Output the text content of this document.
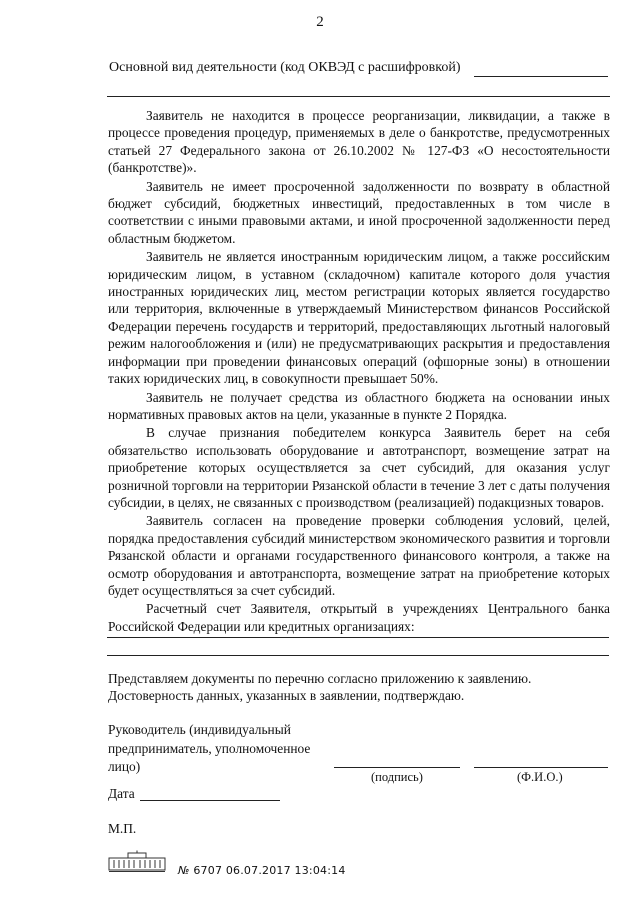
2
Основной вид деятельности (код ОКВЭД с расшифровкой)

Заявитель не находится в процессе реорганизации, ликвидации, а также в процессе проведения процедур, применяемых в деле о банкротстве, предусмотренных статьей 27 Федерального закона от 26.10.2002 № 127-ФЗ «О несостоятельности (банкротстве)».

Заявитель не имеет просроченной задолженности по возврату в областной бюджет субсидий, бюджетных инвестиций, предоставленных в том числе в соответствии с иными правовыми актами, и иной просроченной задолженности перед областным бюджетом.

Заявитель не является иностранным юридическим лицом, а также российским юридическим лицом, в уставном (складочном) капитале которого доля участия иностранных юридических лиц, местом регистрации которых является государство или территория, включенные в утверждаемый Министерством финансов Российской Федерации перечень государств и территорий, предоставляющих льготный налоговый режим налогообложения и (или) не предусматривающих раскрытия и предоставления информации при проведении финансовых операций (офшорные зоны) в отношении таких юридических лиц, в совокупности превышает 50%.

Заявитель не получает средства из областного бюджета на основании иных нормативных правовых актов на цели, указанные в пункте 2 Порядка.

В случае признания победителем конкурса Заявитель берет на себя обязательство использовать оборудование и автотранспорт, возмещение затрат на приобретение которых осуществляется за счет субсидий, для оказания услуг розничной торговли на территории Рязанской области в течение 3 лет с даты получения субсидии, в целях, не связанных с производством (реализацией) подакцизных товаров.

Заявитель согласен на проведение проверки соблюдения условий, целей, порядка предоставления субсидий министерством экономического развития и торговли Рязанской области и органами государственного финансового контроля, а также на осмотр оборудования и автотранспорта, возмещение затрат на приобретение которых будет осуществляться за счет субсидий.

Расчетный счет Заявителя, открытый в учреждениях Центрального банка Российской Федерации или кредитных организациях:

Представляем документы по перечню согласно приложению к заявлению.
Достоверность данных, указанных в заявлении, подтверждаю.
Руководитель (индивидуальный предприниматель, уполномоченное лицо)
(подпись)	(Ф.И.О.)
Дата
М.П.
№ 6707 06.07.2017 13:04:14
